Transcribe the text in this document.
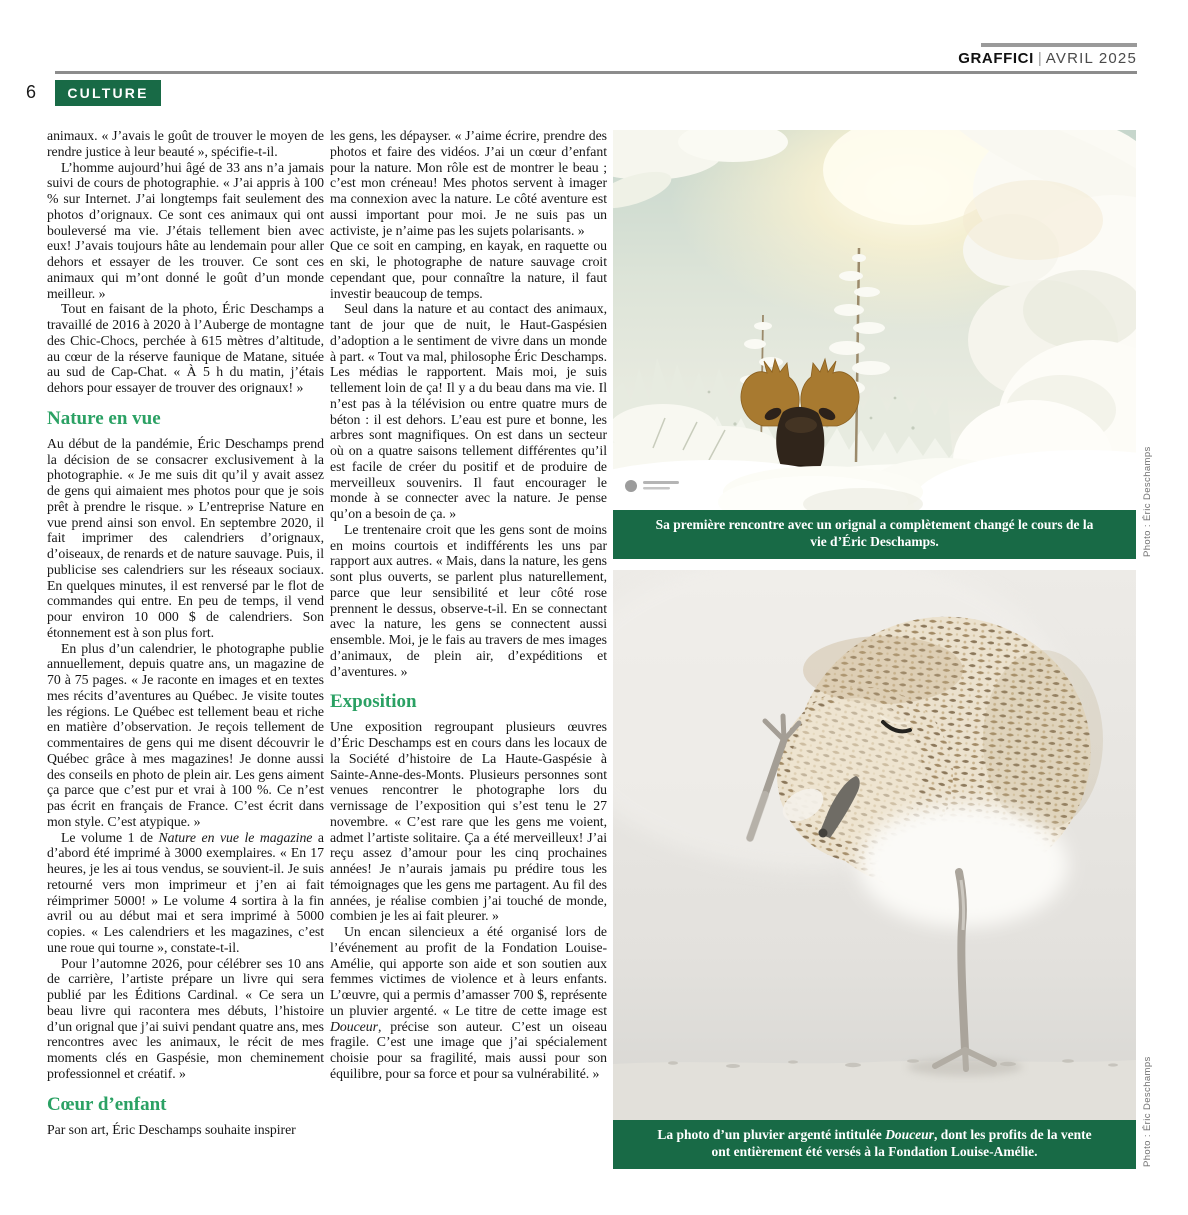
GRAFFICI | AVRIL 2025
6	CULTURE

animaux. « J’avais le goût de trouver le moyen de rendre justice à leur beauté », spécifie-t-il.

L’homme aujourd’hui âgé de 33 ans n’a jamais suivi de cours de photographie. « J’ai appris à 100 % sur Internet. J’ai longtemps fait seulement des photos d’orignaux. Ce sont ces animaux qui ont bouleversé ma vie. J’étais tellement bien avec eux! J’avais toujours hâte au lendemain pour aller dehors et essayer de les trouver. Ce sont ces animaux qui m’ont donné le goût d’un monde meilleur. »

Tout en faisant de la photo, Éric Deschamps a travaillé de 2016 à 2020 à l’Auberge de montagne des Chic-Chocs, perchée à 615 mètres d’altitude, au cœur de la réserve faunique de Matane, située au sud de Cap-Chat. « À 5 h du matin, j’étais dehors pour essayer de trouver des orignaux! »

Nature en vue

Au début de la pandémie, Éric Deschamps prend la décision de se consacrer exclusivement à la photographie. « Je me suis dit qu’il y avait assez de gens qui aimaient mes photos pour que je sois prêt à prendre le risque. » L’entreprise Nature en vue prend ainsi son envol. En septembre 2020, il fait imprimer des calendriers d’orignaux, d’oiseaux, de renards et de nature sauvage. Puis, il publicise ses calendriers sur les réseaux sociaux. En quelques minutes, il est renversé par le flot de commandes qui entre. En peu de temps, il vend pour environ 10 000 $ de calendriers. Son étonnement est à son plus fort.

En plus d’un calendrier, le photographe publie annuellement, depuis quatre ans, un magazine de 70 à 75 pages. « Je raconte en images et en textes mes récits d’aventures au Québec. Je visite toutes les régions. Le Québec est tellement beau et riche en matière d’observation. Je reçois tellement de commentaires de gens qui me disent découvrir le Québec grâce à mes magazines! Je donne aussi des conseils en photo de plein air. Les gens aiment ça parce que c’est pur et vrai à 100 %. Ce n’est pas écrit en français de France. C’est écrit dans mon style. C’est atypique. »

Le volume 1 de Nature en vue le magazine a d’abord été imprimé à 3000 exemplaires. « En 17 heures, je les ai tous vendus, se souvient-il. Je suis retourné vers mon imprimeur et j’en ai fait réimprimer 5000! » Le volume 4 sortira à la fin avril ou au début mai et sera imprimé à 5000 copies. « Les calendriers et les magazines, c’est une roue qui tourne », constate-t-il.

Pour l’automne 2026, pour célébrer ses 10 ans de carrière, l’artiste prépare un livre qui sera publié par les Éditions Cardinal. « Ce sera un beau livre qui racontera mes débuts, l’histoire d’un orignal que j’ai suivi pendant quatre ans, mes rencontres avec les animaux, le récit de mes moments clés en Gaspésie, mon cheminement professionnel et créatif. »

Cœur d’enfant

Par son art, Éric Deschamps souhaite inspirer

les gens, les dépayser. « J’aime écrire, prendre des photos et faire des vidéos. J’ai un cœur d’enfant pour la nature. Mon rôle est de montrer le beau ; c’est mon créneau! Mes photos servent à imager ma connexion avec la nature. Le côté aventure est aussi important pour moi. Je ne suis pas un activiste, je n’aime pas les sujets polarisants. »

Que ce soit en camping, en kayak, en raquette ou en ski, le photographe de nature sauvage croit cependant que, pour connaître la nature, il faut investir beaucoup de temps.

Seul dans la nature et au contact des animaux, tant de jour que de nuit, le Haut-Gaspésien d’adoption a le sentiment de vivre dans un monde à part. « Tout va mal, philosophe Éric Deschamps. Les médias le rapportent. Mais moi, je suis tellement loin de ça! Il y a du beau dans ma vie. Il n’est pas à la télévision ou entre quatre murs de béton : il est dehors. L’eau est pure et bonne, les arbres sont magnifiques. On est dans un secteur où on a quatre saisons tellement différentes qu’il est facile de créer du positif et de produire de merveilleux souvenirs. Il faut encourager le monde à se connecter avec la nature. Je pense qu’on a besoin de ça. »

Le trentenaire croit que les gens sont de moins en moins courtois et indifférents les uns par rapport aux autres. « Mais, dans la nature, les gens sont plus ouverts, se parlent plus naturellement, parce que leur sensibilité et leur côté rose prennent le dessus, observe-t-il. En se connectant avec la nature, les gens se connectent aussi ensemble. Moi, je le fais au travers de mes images d’animaux, de plein air, d’expéditions et d’aventures. »

Exposition

Une exposition regroupant plusieurs œuvres d’Éric Deschamps est en cours dans les locaux de la Société d’histoire de La Haute-Gaspésie à Sainte-Anne-des-Monts. Plusieurs personnes sont venues rencontrer le photographe lors du vernissage de l’exposition qui s’est tenu le 27 novembre. « C’est rare que les gens me voient, admet l’artiste solitaire. Ça a été merveilleux! J’ai reçu assez d’amour pour les cinq prochaines années! Je n’aurais jamais pu prédire tous les témoignages que les gens me partagent. Au fil des années, je réalise combien j’ai touché de monde, combien je les ai fait pleurer. »

Un encan silencieux a été organisé lors de l’événement au profit de la Fondation Louise-Amélie, qui apporte son aide et son soutien aux femmes victimes de violence et à leurs enfants. L’œuvre, qui a permis d’amasser 700 $, représente un pluvier argenté. « Le titre de cette image est Douceur, précise son auteur. C’est un oiseau fragile. C’est une image que j’ai spécialement choisie pour sa fragilité, mais aussi pour son équilibre, pour sa force et pour sa vulnérabilité. »

Sa première rencontre avec un orignal a complètement changé le cours de la vie d’Éric Deschamps.	Photo : Éric Deschamps
La photo d’un pluvier argenté intitulée Douceur, dont les profits de la vente ont entièrement été versés à la Fondation Louise-Amélie.	Photo : Éric Deschamps
